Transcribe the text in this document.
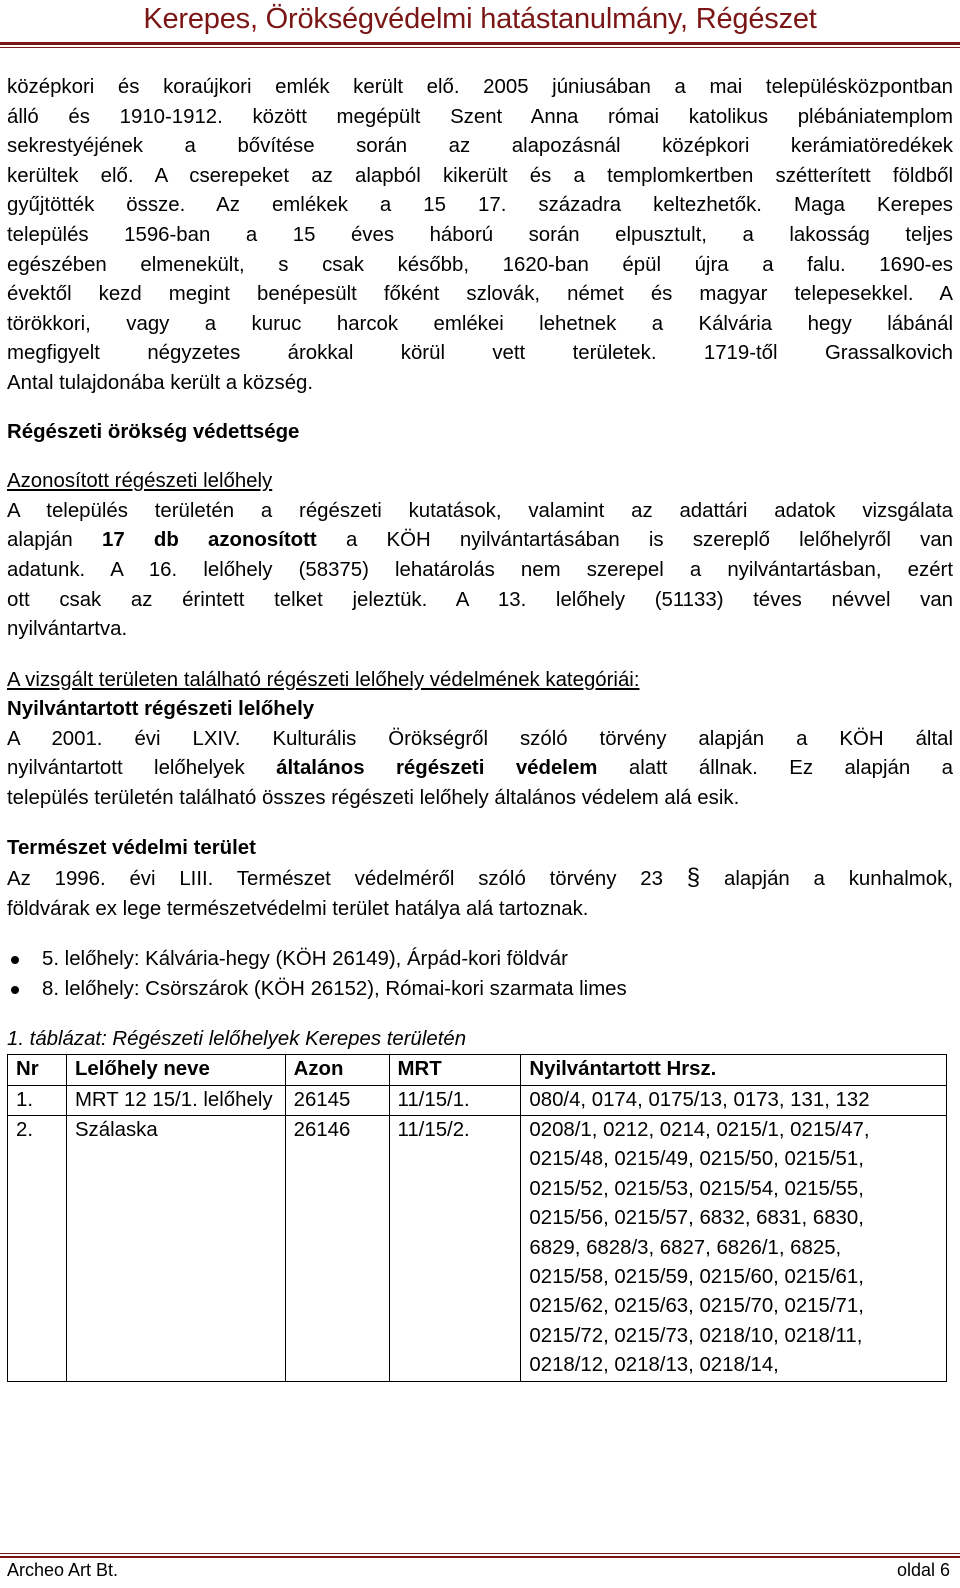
Kerepes, Örökségvédelmi hatástanulmány, Régészet

középkori és koraújkori emlék került elő. 2005 júniusában a mai településközpontban
álló és 1910-1912. között megépült Szent Anna római katolikus plébániatemplom
sekrestyéjének a bővítése során az alapozásnál középkori kerámiatöredékek
kerültek elő. A cserepeket az alapból kikerült és a templomkertben szétterített földből
gyűjtötték össze. Az emlékek a 15 17. századra keltezhetők. Maga Kerepes
település 1596-ban a 15 éves háború során elpusztult, a lakosság teljes
egészében elmenekült, s csak később, 1620-ban épül újra a falu. 1690-es
évektől kezd megint benépesült főként szlovák, német és magyar telepesekkel. A
törökkori, vagy a kuruc harcok emlékei lehetnek a Kálvária hegy lábánál
megfigyelt négyzetes árokkal körül vett területek. 1719-től Grassalkovich
Antal tulajdonába került a község.

Régészeti örökség védettsége

Azonosított régészeti lelőhely

A település területén a régészeti kutatások, valamint az adattári adatok vizsgálata
alapján 17 db azonosított a KÖH nyilvántartásában is szereplő lelőhelyről van
adatunk. A 16. lelőhely (58375) lehatárolás nem szerepel a nyilvántartásban, ezért
ott csak az érintett telket jeleztük. A 13. lelőhely (51133) téves névvel van
nyilvántartva.

A vizsgált területen található régészeti lelőhely védelmének kategóriái:

Nyilvántartott régészeti lelőhely

A 2001. évi LXIV. Kulturális Örökségről szóló törvény alapján a KÖH által
nyilvántartott lelőhelyek általános régészeti védelem alatt állnak. Ez alapján a
település területén található összes régészeti lelőhely általános védelem alá esik.

Természet védelmi terület

Az 1996. évi LIII. Természet védelméről szóló törvény 23 § alapján a kunhalmok,
földvárak ex lege természetvédelmi terület hatálya alá tartoznak.

5. lelőhely: Kálvária-hegy (KÖH 26149), Árpád-kori földvár
8. lelőhely: Csörszárok (KÖH 26152), Római-kori szarmata limes

1. táblázat: Régészeti lelőhelyek Kerepes területén

Nr	Lelőhely neve	Azon	MRT	Nyilvántartott Hrsz.
1.	MRT 12 15/1. lelőhely	26145	11/15/1.	080/4, 0174, 0175/13, 0173, 131, 132
2.	Szálaska	26146	11/15/2.	0208/1, 0212, 0214, 0215/1, 0215/47, 0215/48, 0215/49, 0215/50, 0215/51, 0215/52, 0215/53, 0215/54, 0215/55, 0215/56, 0215/57, 6832, 6831, 6830, 6829, 6828/3, 6827, 6826/1, 6825, 0215/58, 0215/59, 0215/60, 0215/61, 0215/62, 0215/63, 0215/70, 0215/71, 0215/72, 0215/73, 0218/10, 0218/11, 0218/12, 0218/13, 0218/14,
Archeo Art Bt.	oldal 6
